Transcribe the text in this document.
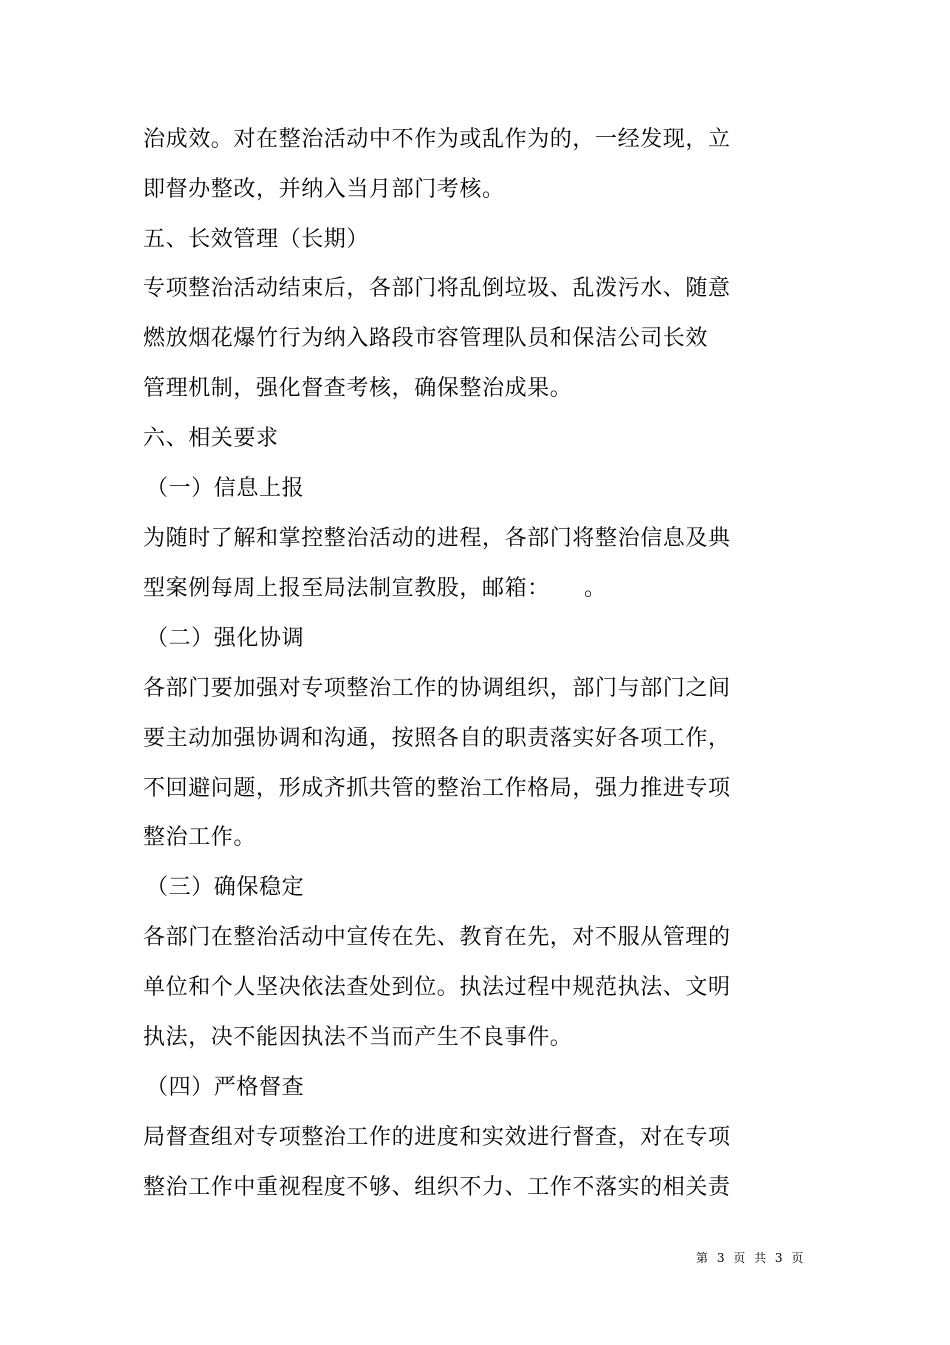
治成效。对在整治活动中不作为或乱作为的，一经发现，立
即督办整改，并纳入当月部门考核。
五、长效管理（长期）
专项整治活动结束后，各部门将乱倒垃圾、乱泼污水、随意
燃放烟花爆竹行为纳入路段市容管理队员和保洁公司长效
管理机制，强化督查考核，确保整治成果。
六、相关要求
（一）信息上报
为随时了解和掌控整治活动的进程，各部门将整治信息及典
型案例每周上报至局法制宣教股，邮箱：　　。
（二）强化协调
各部门要加强对专项整治工作的协调组织，部门与部门之间
要主动加强协调和沟通，按照各自的职责落实好各项工作，
不回避问题，形成齐抓共管的整治工作格局，强力推进专项
整治工作。
（三）确保稳定
各部门在整治活动中宣传在先、教育在先，对不服从管理的
单位和个人坚决依法查处到位。执法过程中规范执法、文明
执法，决不能因执法不当而产生不良事件。
（四）严格督查
局督查组对专项整治工作的进度和实效进行督查，对在专项
整治工作中重视程度不够、组织不力、工作不落实的相关责
第 3 页 共 3 页
